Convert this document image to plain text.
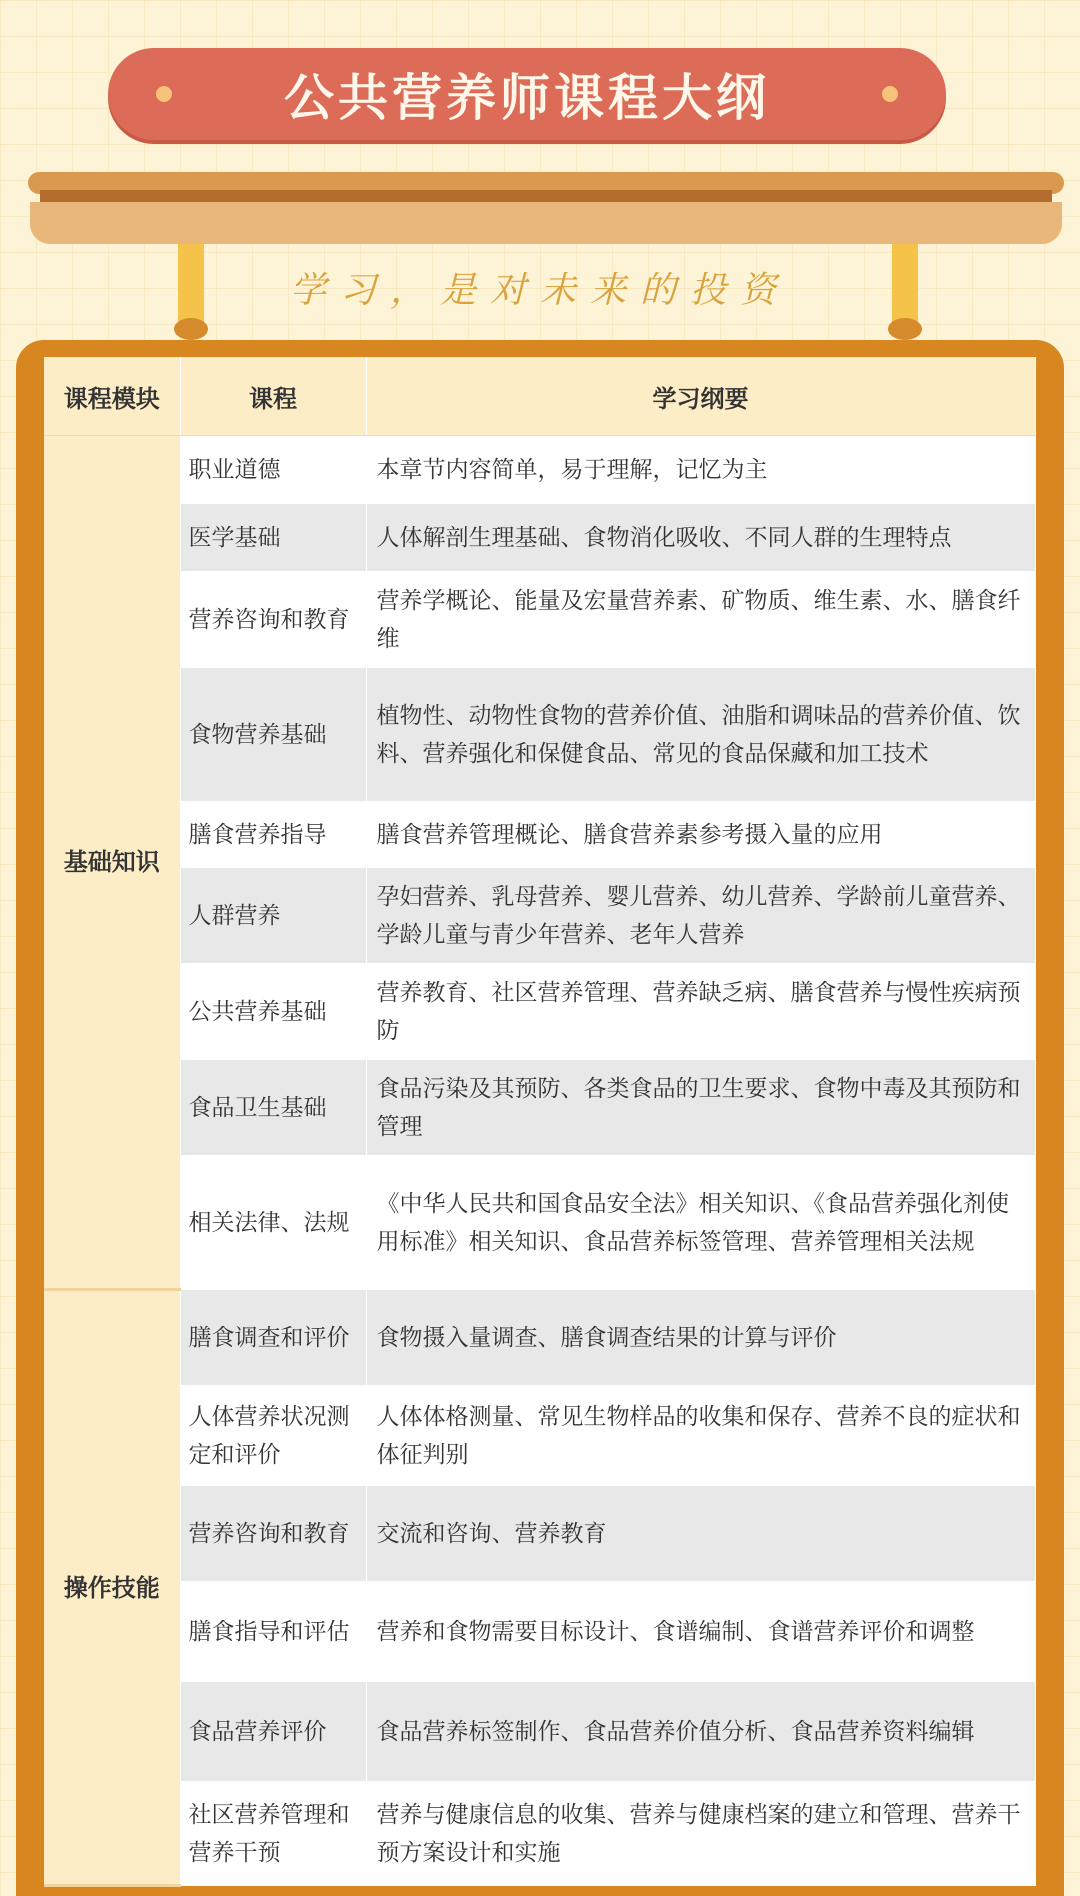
公共营养师课程大纲
学习，是对未来的投资
课程模块	课程	学习纲要
基础知识	职业道德	本章节内容简单，易于理解，记忆为主
	医学基础	人体解剖生理基础、食物消化吸收、不同人群的生理特点
	营养咨询和教育	营养学概论、能量及宏量营养素、矿物质、维生素、水、膳食纤维
	食物营养基础	植物性、动物性食物的营养价值、油脂和调味品的营养价值、饮料、营养强化和保健食品、常见的食品保藏和加工技术
	膳食营养指导	膳食营养管理概论、膳食营养素参考摄入量的应用
	人群营养	孕妇营养、乳母营养、婴儿营养、幼儿营养、学龄前儿童营养、学龄儿童与青少年营养、老年人营养
	公共营养基础	营养教育、社区营养管理、营养缺乏病、膳食营养与慢性疾病预防
	食品卫生基础	食品污染及其预防、各类食品的卫生要求、食物中毒及其预防和管理
	相关法律、法规	《中华人民共和国食品安全法》相关知识、《食品营养强化剂使用标准》相关知识、食品营养标签管理、营养管理相关法规
操作技能	膳食调查和评价	食物摄入量调查、膳食调查结果的计算与评价
	人体营养状况测定和评价	人体体格测量、常见生物样品的收集和保存、营养不良的症状和体征判别
	营养咨询和教育	交流和咨询、营养教育
	膳食指导和评估	营养和食物需要目标设计、食谱编制、食谱营养评价和调整
	食品营养评价	食品营养标签制作、食品营养价值分析、食品营养资料编辑
	社区营养管理和营养干预	营养与健康信息的收集、营养与健康档案的建立和管理、营养干预方案设计和实施
